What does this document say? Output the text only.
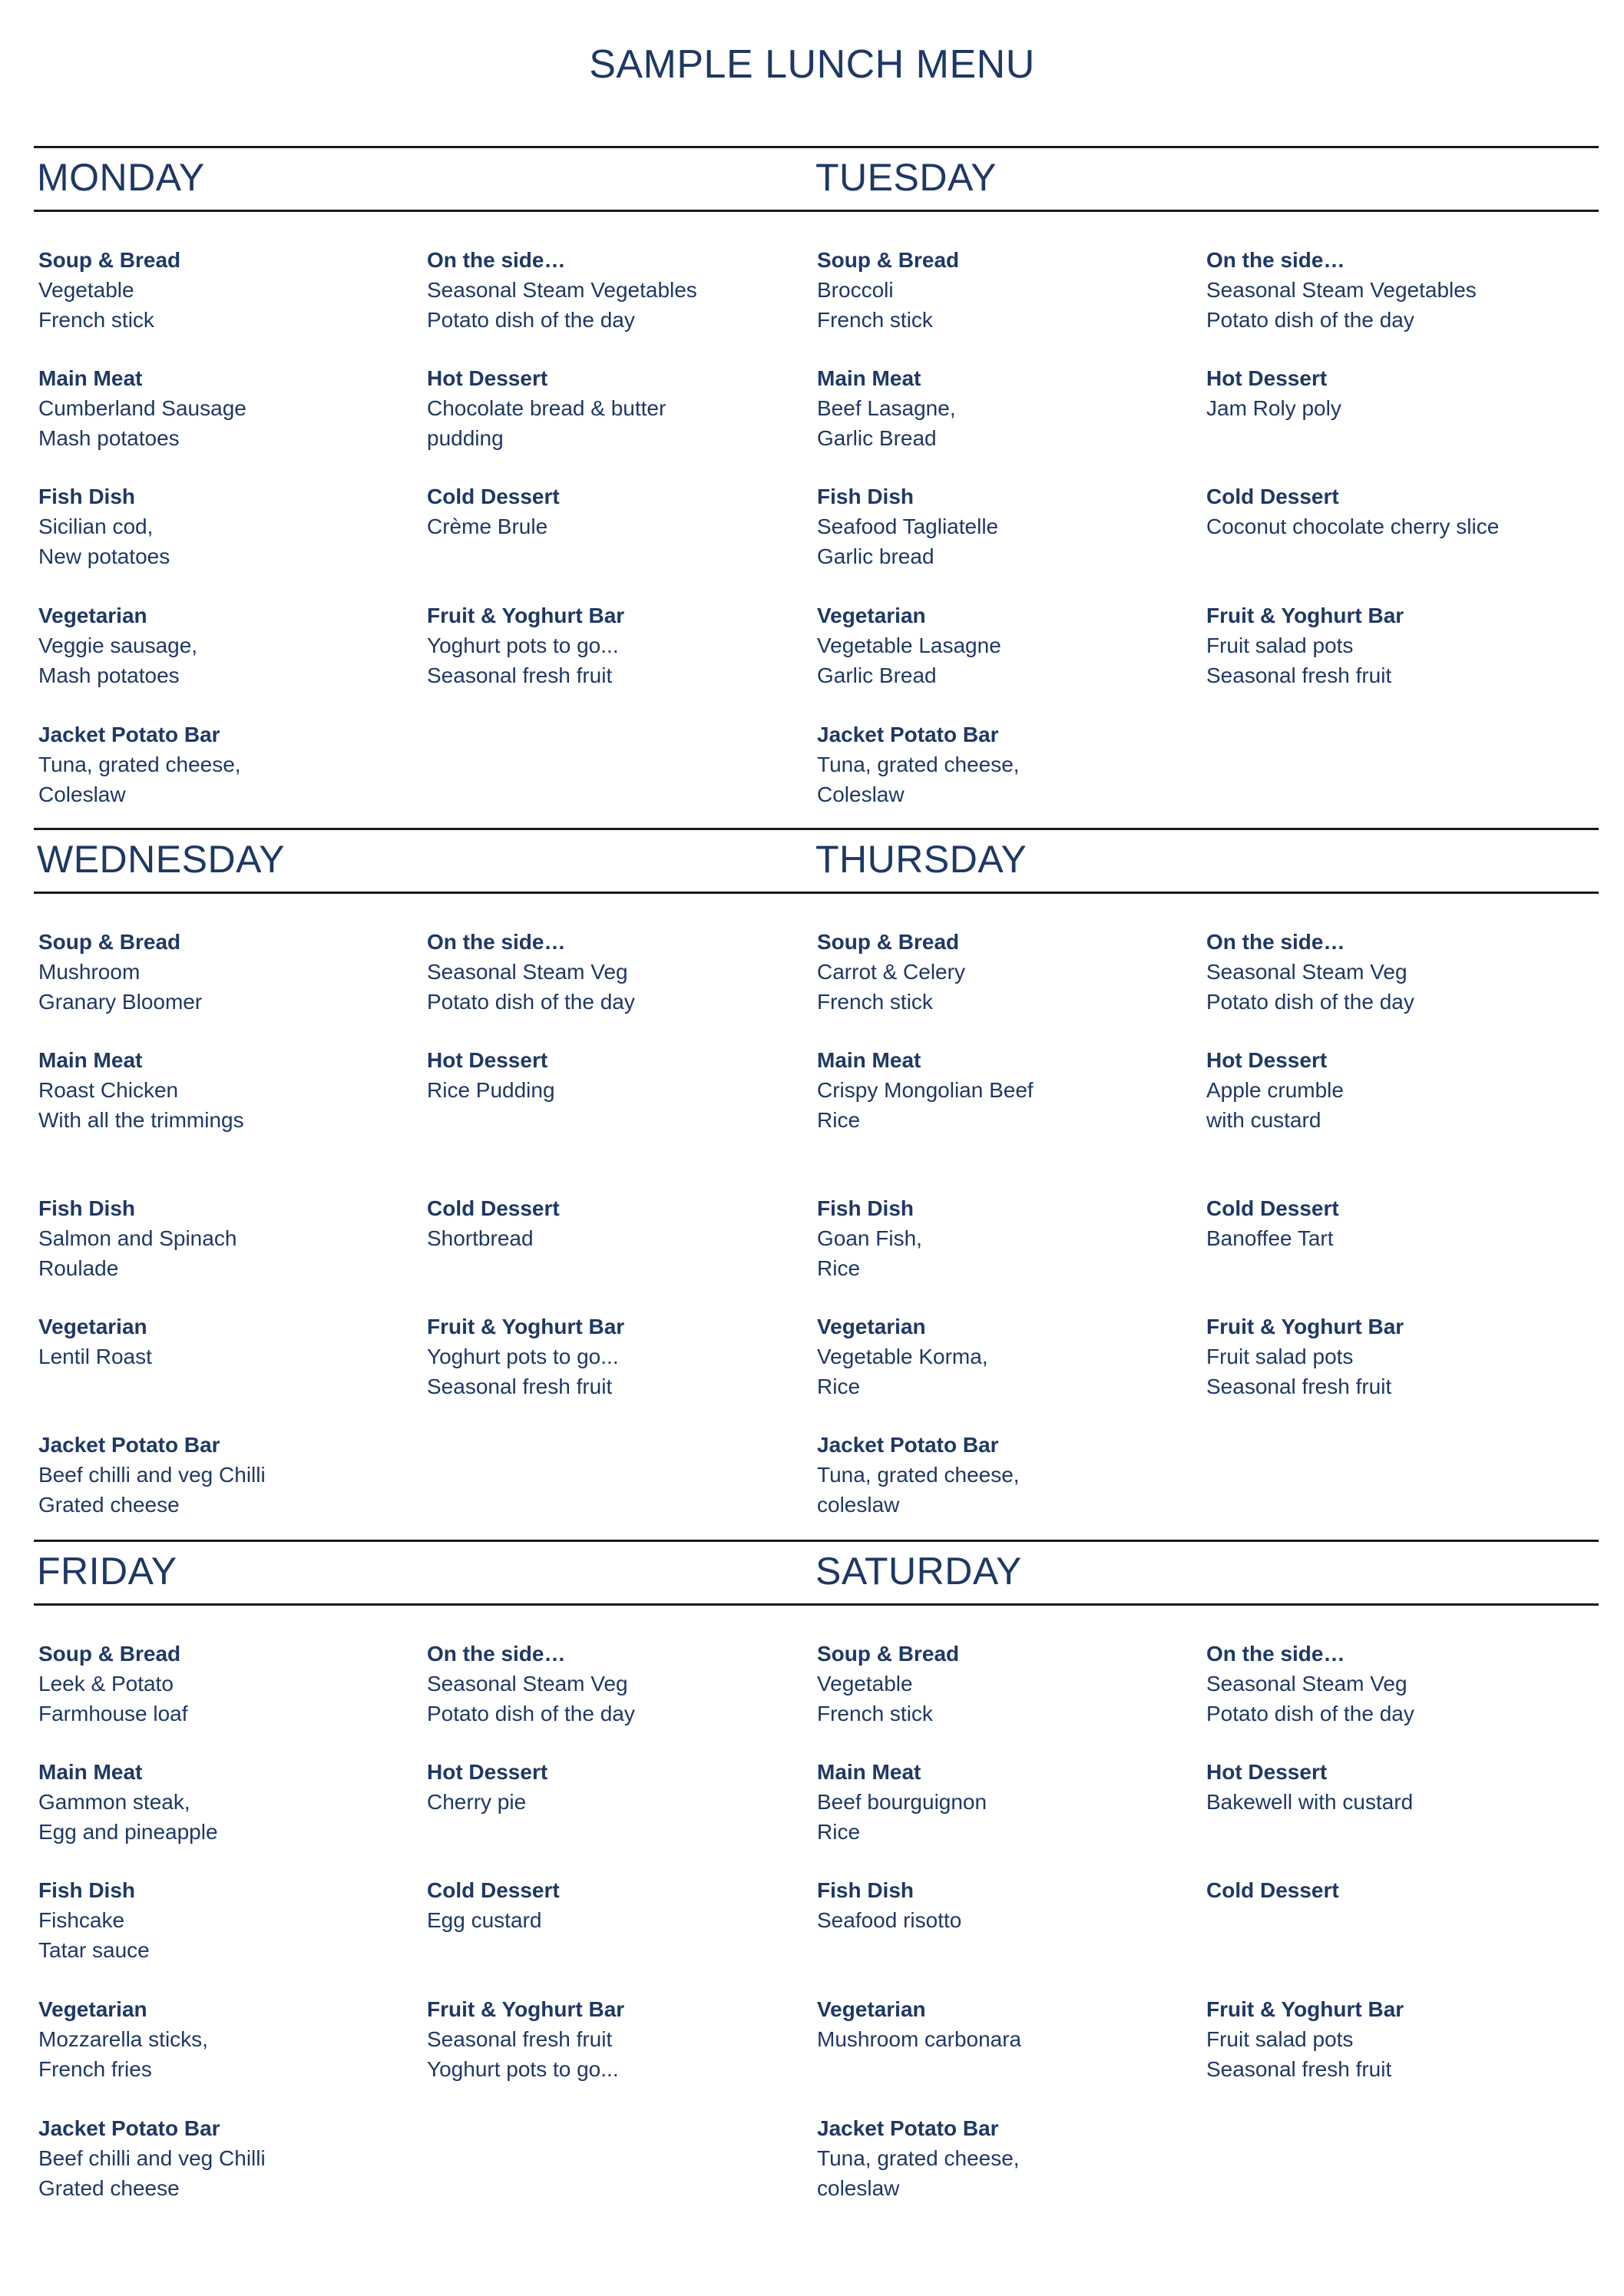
SAMPLE LUNCH MENU
MONDAY
Soup & Bread
Vegetable
French stick
On the side…
Seasonal Steam Vegetables
Potato dish of the day
Main Meat
Cumberland Sausage
Mash potatoes
Hot Dessert
Chocolate bread & butter
pudding
Fish Dish
Sicilian cod,
New potatoes
Cold Dessert
Crème Brule
Vegetarian
Veggie sausage,
Mash potatoes
Fruit & Yoghurt Bar
Yoghurt pots to go...
Seasonal fresh fruit
Jacket Potato Bar
Tuna, grated cheese,
Coleslaw
TUESDAY
Soup & Bread
Broccoli
French stick
On the side…
Seasonal Steam Vegetables
Potato dish of the day
Main Meat
Beef Lasagne,
Garlic Bread
Hot Dessert
Jam Roly poly
Fish Dish
Seafood Tagliatelle
Garlic bread
Cold Dessert
Coconut chocolate cherry slice
Vegetarian
Vegetable Lasagne
Garlic Bread
Fruit & Yoghurt Bar
Fruit salad pots
Seasonal fresh fruit
Jacket Potato Bar
Tuna, grated cheese,
Coleslaw
WEDNESDAY
Soup & Bread
Mushroom
Granary Bloomer
On the side…
Seasonal Steam Veg
Potato dish of the day
Main Meat
Roast Chicken
With all the trimmings
Hot Dessert
Rice Pudding
Fish Dish
Salmon and Spinach
Roulade
Cold Dessert
Shortbread
Vegetarian
Lentil Roast
Fruit & Yoghurt Bar
Yoghurt pots to go...
Seasonal fresh fruit
Jacket Potato Bar
Beef chilli and veg Chilli
Grated cheese
THURSDAY
Soup & Bread
Carrot & Celery
French stick
On the side…
Seasonal Steam Veg
Potato dish of the day
Main Meat
Crispy Mongolian Beef
Rice
Hot Dessert
Apple crumble
with custard
Fish Dish
Goan Fish,
Rice
Cold Dessert
Banoffee Tart
Vegetarian
Vegetable Korma,
Rice
Fruit & Yoghurt Bar
Fruit salad pots
Seasonal fresh fruit
Jacket Potato Bar
Tuna, grated cheese,
coleslaw
FRIDAY
Soup & Bread
Leek & Potato
Farmhouse loaf
On the side…
Seasonal Steam Veg
Potato dish of the day
Main Meat
Gammon steak,
Egg and pineapple
Hot Dessert
Cherry pie
Fish Dish
Fishcake
Tatar sauce
Cold Dessert
Egg custard
Vegetarian
Mozzarella sticks,
French fries
Fruit & Yoghurt Bar
Seasonal fresh fruit
Yoghurt pots to go...
Jacket Potato Bar
Beef chilli and veg Chilli
Grated cheese
SATURDAY
Soup & Bread
Vegetable
French stick
On the side…
Seasonal Steam Veg
Potato dish of the day
Main Meat
Beef bourguignon
Rice
Hot Dessert
Bakewell with custard
Fish Dish
Seafood risotto
Cold Dessert
Vegetarian
Mushroom carbonara
Fruit & Yoghurt Bar
Fruit salad pots
Seasonal fresh fruit
Jacket Potato Bar
Tuna, grated cheese,
coleslaw
